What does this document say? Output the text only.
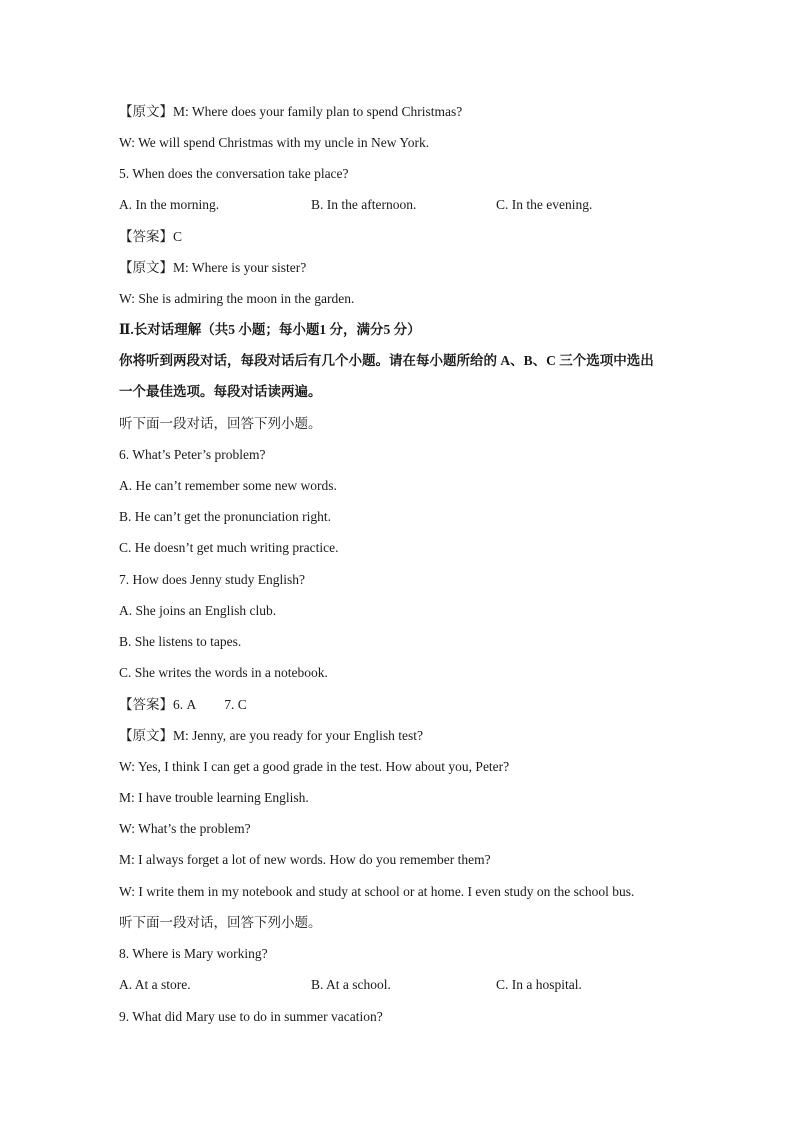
【原文】M: Where does your family plan to spend Christmas?
W: We will spend Christmas with my uncle in New York.
5. When does the conversation take place?
A. In the morning.	B. In the afternoon.	C. In the evening.
【答案】C
【原文】M: Where is your sister?
W: She is admiring the moon in the garden.
Ⅱ.长对话理解（共5 小题；每小题1 分，满分5 分）
你将听到两段对话，每段对话后有几个小题。请在每小题所给的 A、B、C 三个选项中选出
一个最佳选项。每段对话读两遍。
听下面一段对话，回答下列小题。
6. What’s Peter’s problem?
A. He can’t remember some new words.
B. He can’t get the pronunciation right.
C. He doesn’t get much writing practice.
7. How does Jenny study English?
A. She joins an English club.
B. She listens to tapes.
C. She writes the words in a notebook.
【答案】6. A 7. C
【原文】M: Jenny, are you ready for your English test?
W: Yes, I think I can get a good grade in the test. How about you, Peter?
M: I have trouble learning English.
W: What’s the problem?
M: I always forget a lot of new words. How do you remember them?
W: I write them in my notebook and study at school or at home. I even study on the school bus.
听下面一段对话，回答下列小题。
8. Where is Mary working?
A. At a store.	B. At a school.	C. In a hospital.
9. What did Mary use to do in summer vacation?
